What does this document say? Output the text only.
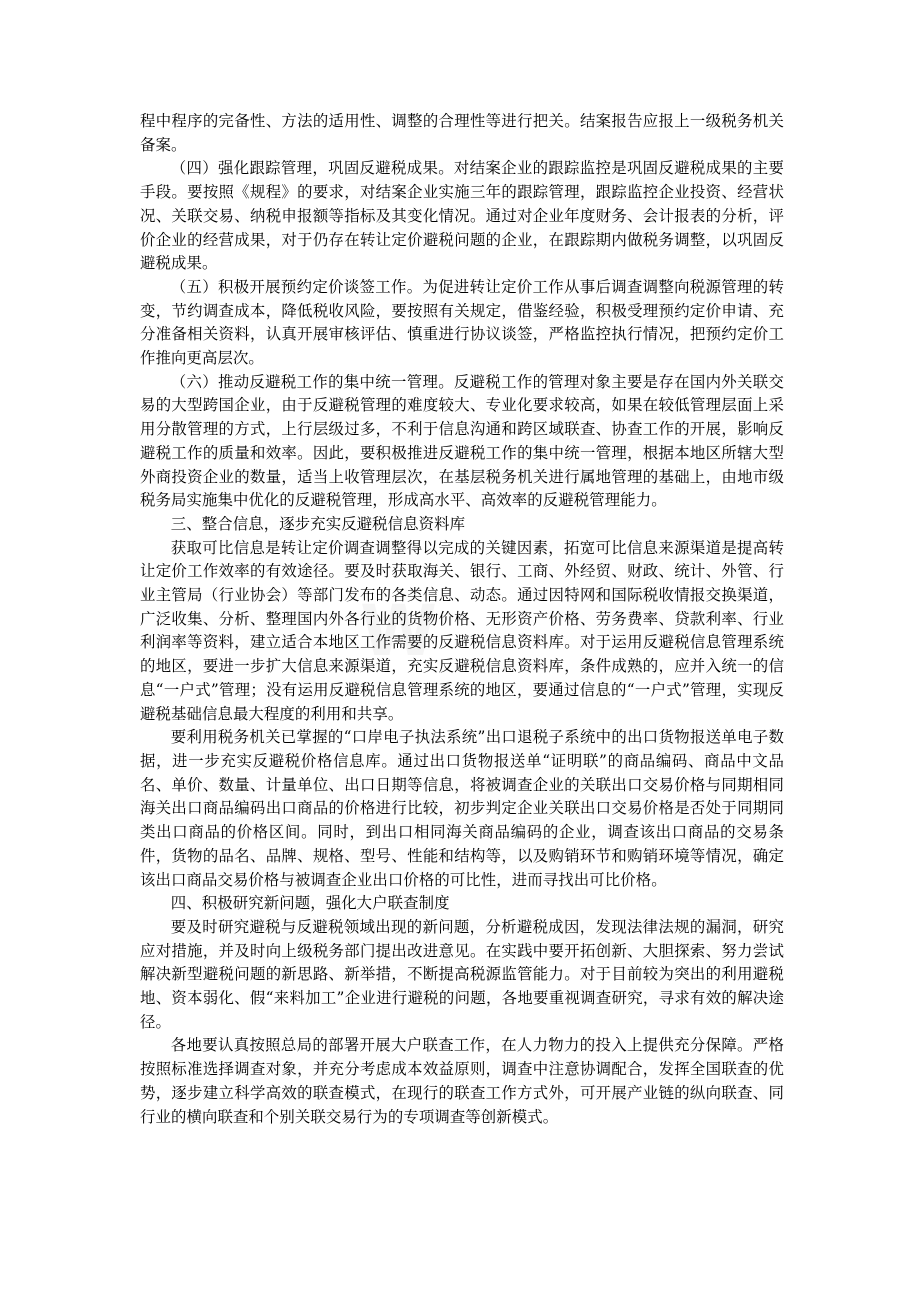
程中程序的完备性、方法的适用性、调整的合理性等进行把关。结案报告应报上一级税务机关备案。

（四）强化跟踪管理，巩固反避税成果。对结案企业的跟踪监控是巩固反避税成果的主要手段。要按照《规程》的要求，对结案企业实施三年的跟踪管理，跟踪监控企业投资、经营状况、关联交易、纳税申报额等指标及其变化情况。通过对企业年度财务、会计报表的分析，评价企业的经营成果，对于仍存在转让定价避税问题的企业，在跟踪期内做税务调整，以巩固反避税成果。

（五）积极开展预约定价谈签工作。为促进转让定价工作从事后调查调整向税源管理的转变，节约调查成本，降低税收风险，要按照有关规定，借鉴经验，积极受理预约定价申请、充分准备相关资料，认真开展审核评估、慎重进行协议谈签，严格监控执行情况，把预约定价工作推向更高层次。

（六）推动反避税工作的集中统一管理。反避税工作的管理对象主要是存在国内外关联交易的大型跨国企业，由于反避税管理的难度较大、专业化要求较高，如果在较低管理层面上采用分散管理的方式，上行层级过多，不利于信息沟通和跨区域联查、协查工作的开展，影响反避税工作的质量和效率。因此，要积极推进反避税工作的集中统一管理，根据本地区所辖大型外商投资企业的数量，适当上收管理层次，在基层税务机关进行属地管理的基础上，由地市级税务局实施集中优化的反避税管理，形成高水平、高效率的反避税管理能力。

三、整合信息，逐步充实反避税信息资料库

获取可比信息是转让定价调查调整得以完成的关键因素，拓宽可比信息来源渠道是提高转让定价工作效率的有效途径。要及时获取海关、银行、工商、外经贸、财政、统计、外管、行业主管局（行业协会）等部门发布的各类信息、动态。通过因特网和国际税收情报交换渠道，广泛收集、分析、整理国内外各行业的货物价格、无形资产价格、劳务费率、贷款利率、行业利润率等资料，建立适合本地区工作需要的反避税信息资料库。对于运用反避税信息管理系统的地区，要进一步扩大信息来源渠道，充实反避税信息资料库，条件成熟的，应并入统一的信息“一户式”管理；没有运用反避税信息管理系统的地区，要通过信息的“一户式”管理，实现反避税基础信息最大程度的利用和共享。

要利用税务机关已掌握的“口岸电子执法系统”出口退税子系统中的出口货物报送单电子数据，进一步充实反避税价格信息库。通过出口货物报送单“证明联”的商品编码、商品中文品名、单价、数量、计量单位、出口日期等信息，将被调查企业的关联出口交易价格与同期相同海关出口商品编码出口商品的价格进行比较，初步判定企业关联出口交易价格是否处于同期同类出口商品的价格区间。同时，到出口相同海关商品编码的企业，调查该出口商品的交易条件，货物的品名、品牌、规格、型号、性能和结构等，以及购销环节和购销环境等情况，确定该出口商品交易价格与被调查企业出口价格的可比性，进而寻找出可比价格。

四、积极研究新问题，强化大户联查制度

要及时研究避税与反避税领域出现的新问题，分析避税成因，发现法律法规的漏洞，研究应对措施，并及时向上级税务部门提出改进意见。在实践中要开拓创新、大胆探索、努力尝试解决新型避税问题的新思路、新举措，不断提高税源监管能力。对于目前较为突出的利用避税地、资本弱化、假“来料加工”企业进行避税的问题，各地要重视调查研究，寻求有效的解决途径。

各地要认真按照总局的部署开展大户联查工作，在人力物力的投入上提供充分保障。严格按照标准选择调查对象，并充分考虑成本效益原则，调查中注意协调配合，发挥全国联查的优势，逐步建立科学高效的联查模式，在现行的联查工作方式外，可开展产业链的纵向联查、同行业的横向联查和个别关联交易行为的专项调查等创新模式。
